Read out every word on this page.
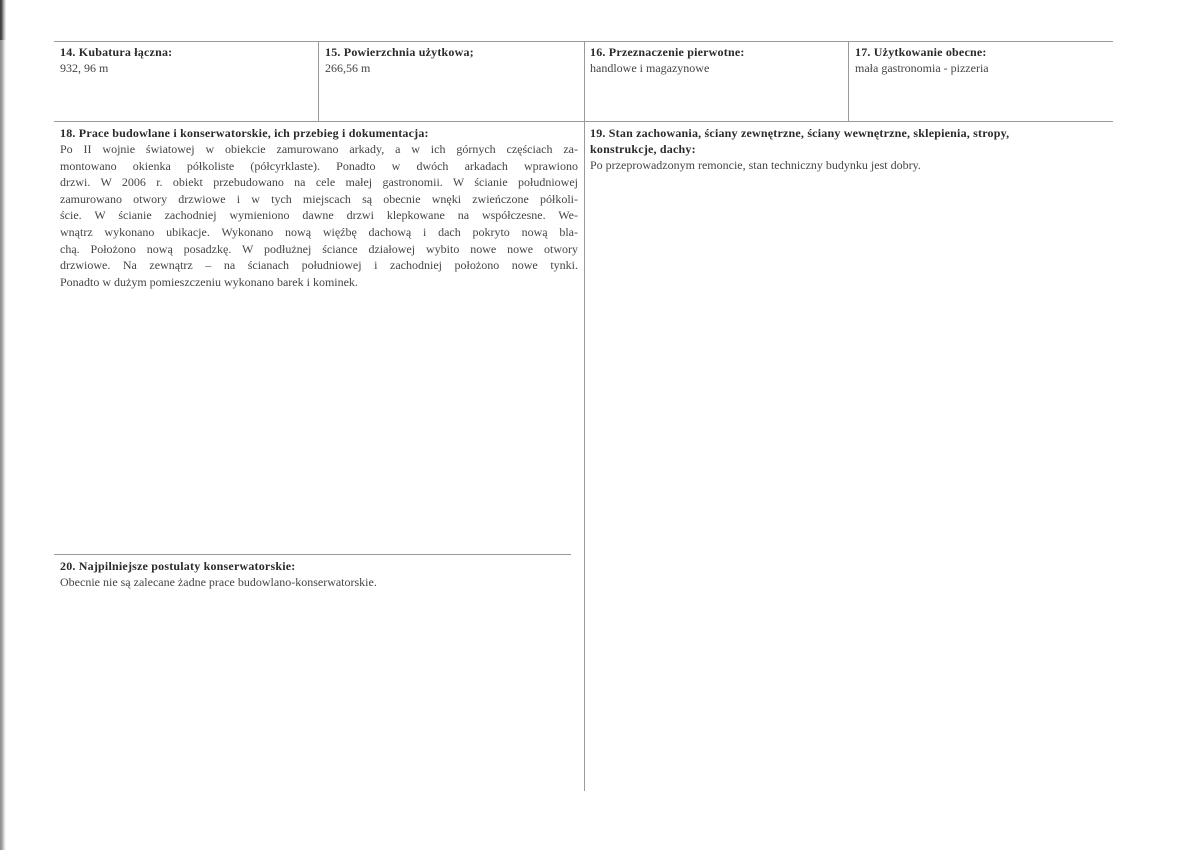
14. Kubatura łączna:
932, 96 m
15. Powierzchnia użytkowa;
266,56 m
16. Przeznaczenie pierwotne:
handlowe i magazynowe
17. Użytkowanie obecne:
mała gastronomia - pizzeria
18. Prace budowlane i konserwatorskie, ich przebieg i dokumentacja:
Po II wojnie światowej w obiekcie zamurowano arkady, a w ich górnych częściach za-
montowano okienka półkoliste (półcyrklaste). Ponadto w dwóch arkadach wprawiono
drzwi. W 2006 r. obiekt przebudowano na cele małej gastronomii. W ścianie południowej
zamurowano otwory drzwiowe i w tych miejscach są obecnie wnęki zwieńczone półkoli-
ście. W ścianie zachodniej wymieniono dawne drzwi klepkowane na współczesne. We-
wnątrz wykonano ubikacje. Wykonano nową więźbę dachową i dach pokryto nową bla-
chą. Położono nową posadzkę. W podłużnej ściance działowej wybito nowe nowe otwory
drzwiowe. Na zewnątrz – na ścianach południowej i zachodniej położono nowe tynki.
Ponadto w dużym pomieszczeniu wykonano barek i kominek.
19. Stan zachowania, ściany zewnętrzne, ściany wewnętrzne, sklepienia, stropy,
konstrukcje, dachy:
Po przeprowadzonym remoncie, stan techniczny budynku jest dobry.
20. Najpilniejsze postulaty konserwatorskie:
Obecnie nie są zalecane żadne prace budowlano-konserwatorskie.
